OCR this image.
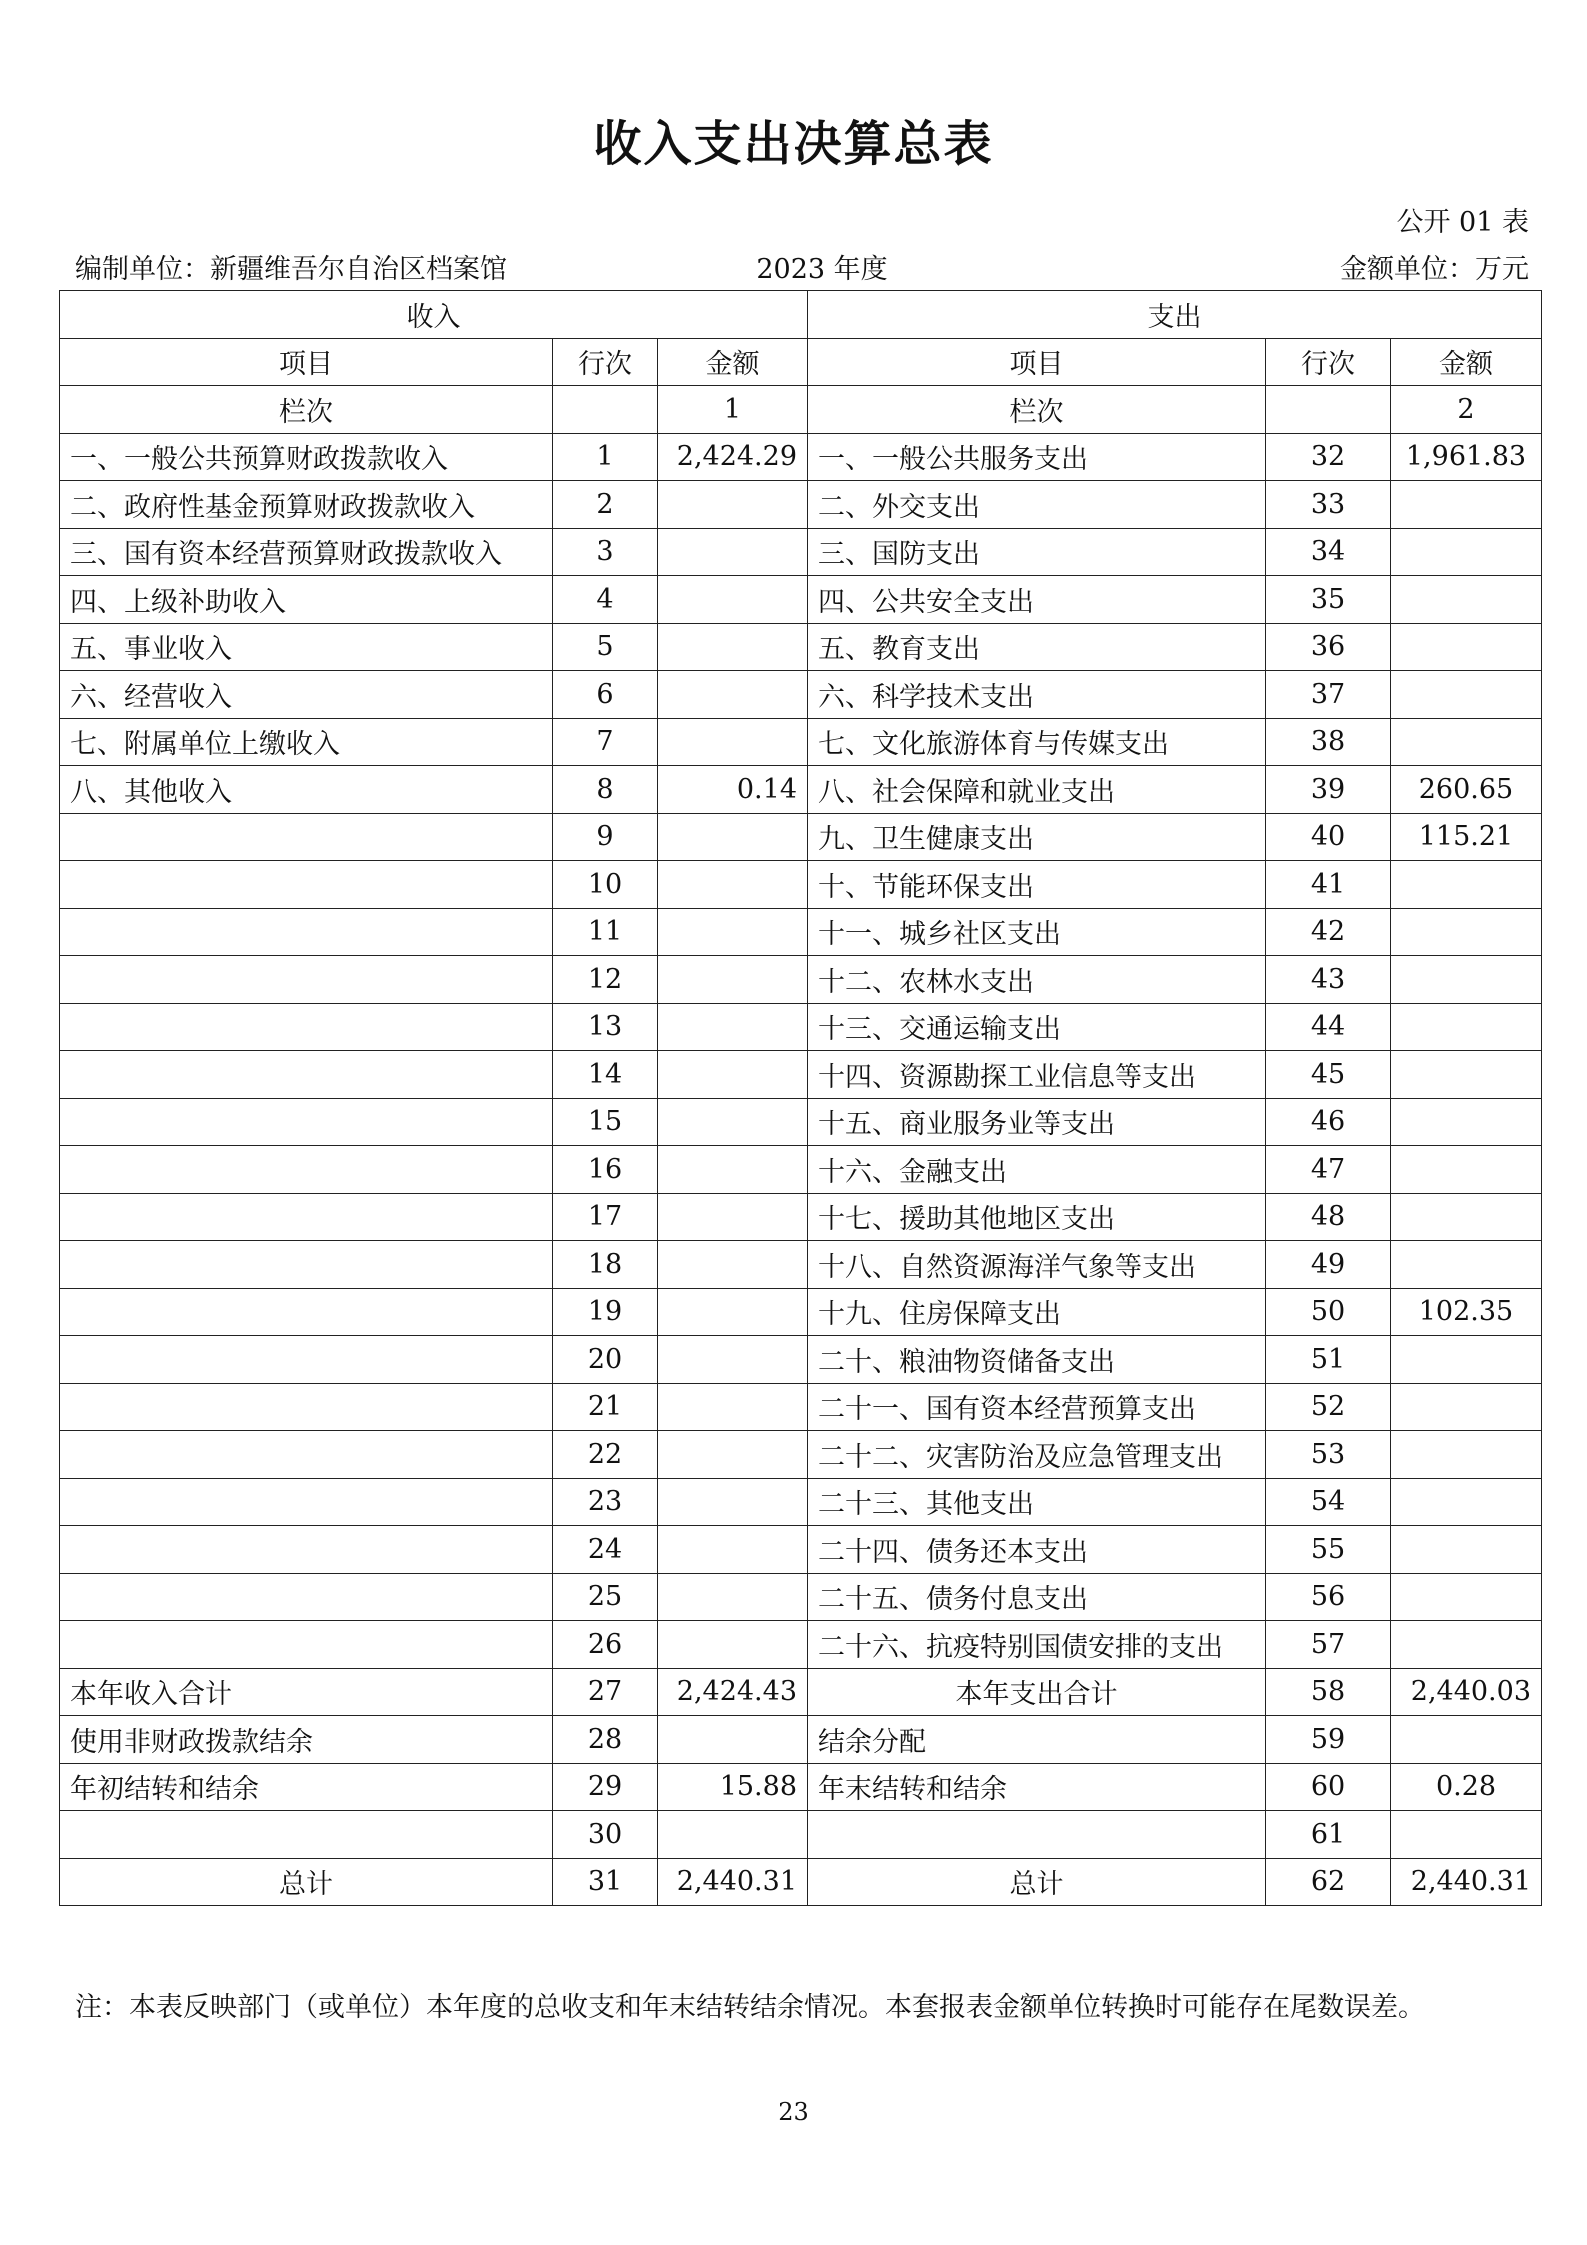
收入支出决算总表
公开 01 表
编制单位：新疆维吾尔自治区档案馆	2023 年度	金额单位：万元
收入			支出		
项目	行次	金额	项目	行次	金额
栏次		1	栏次		2
一、一般公共预算财政拨款收入	1	2,424.29	一、一般公共服务支出	32	1,961.83
二、政府性基金预算财政拨款收入	2		二、外交支出	33	
三、国有资本经营预算财政拨款收入	3		三、国防支出	34	
四、上级补助收入	4		四、公共安全支出	35	
五、事业收入	5		五、教育支出	36	
六、经营收入	6		六、科学技术支出	37	
七、附属单位上缴收入	7		七、文化旅游体育与传媒支出	38	
八、其他收入	8	0.14	八、社会保障和就业支出	39	260.65
	9		九、卫生健康支出	40	115.21
	10		十、节能环保支出	41	
	11		十一、城乡社区支出	42	
	12		十二、农林水支出	43	
	13		十三、交通运输支出	44	
	14		十四、资源勘探工业信息等支出	45	
	15		十五、商业服务业等支出	46	
	16		十六、金融支出	47	
	17		十七、援助其他地区支出	48	
	18		十八、自然资源海洋气象等支出	49	
	19		十九、住房保障支出	50	102.35
	20		二十、粮油物资储备支出	51	
	21		二十一、国有资本经营预算支出	52	
	22		二十二、灾害防治及应急管理支出	53	
	23		二十三、其他支出	54	
	24		二十四、债务还本支出	55	
	25		二十五、债务付息支出	56	
	26		二十六、抗疫特别国债安排的支出	57	
本年收入合计	27	2,424.43	本年支出合计	58	2,440.03
使用非财政拨款结余	28		结余分配	59	
年初结转和结余	29	15.88	年末结转和结余	60	0.28
	30			61	
总计	31	2,440.31	总计	62	2,440.31
注：本表反映部门（或单位）本年度的总收支和年末结转结余情况。本套报表金额单位转换时可能存在尾数误差。
23
